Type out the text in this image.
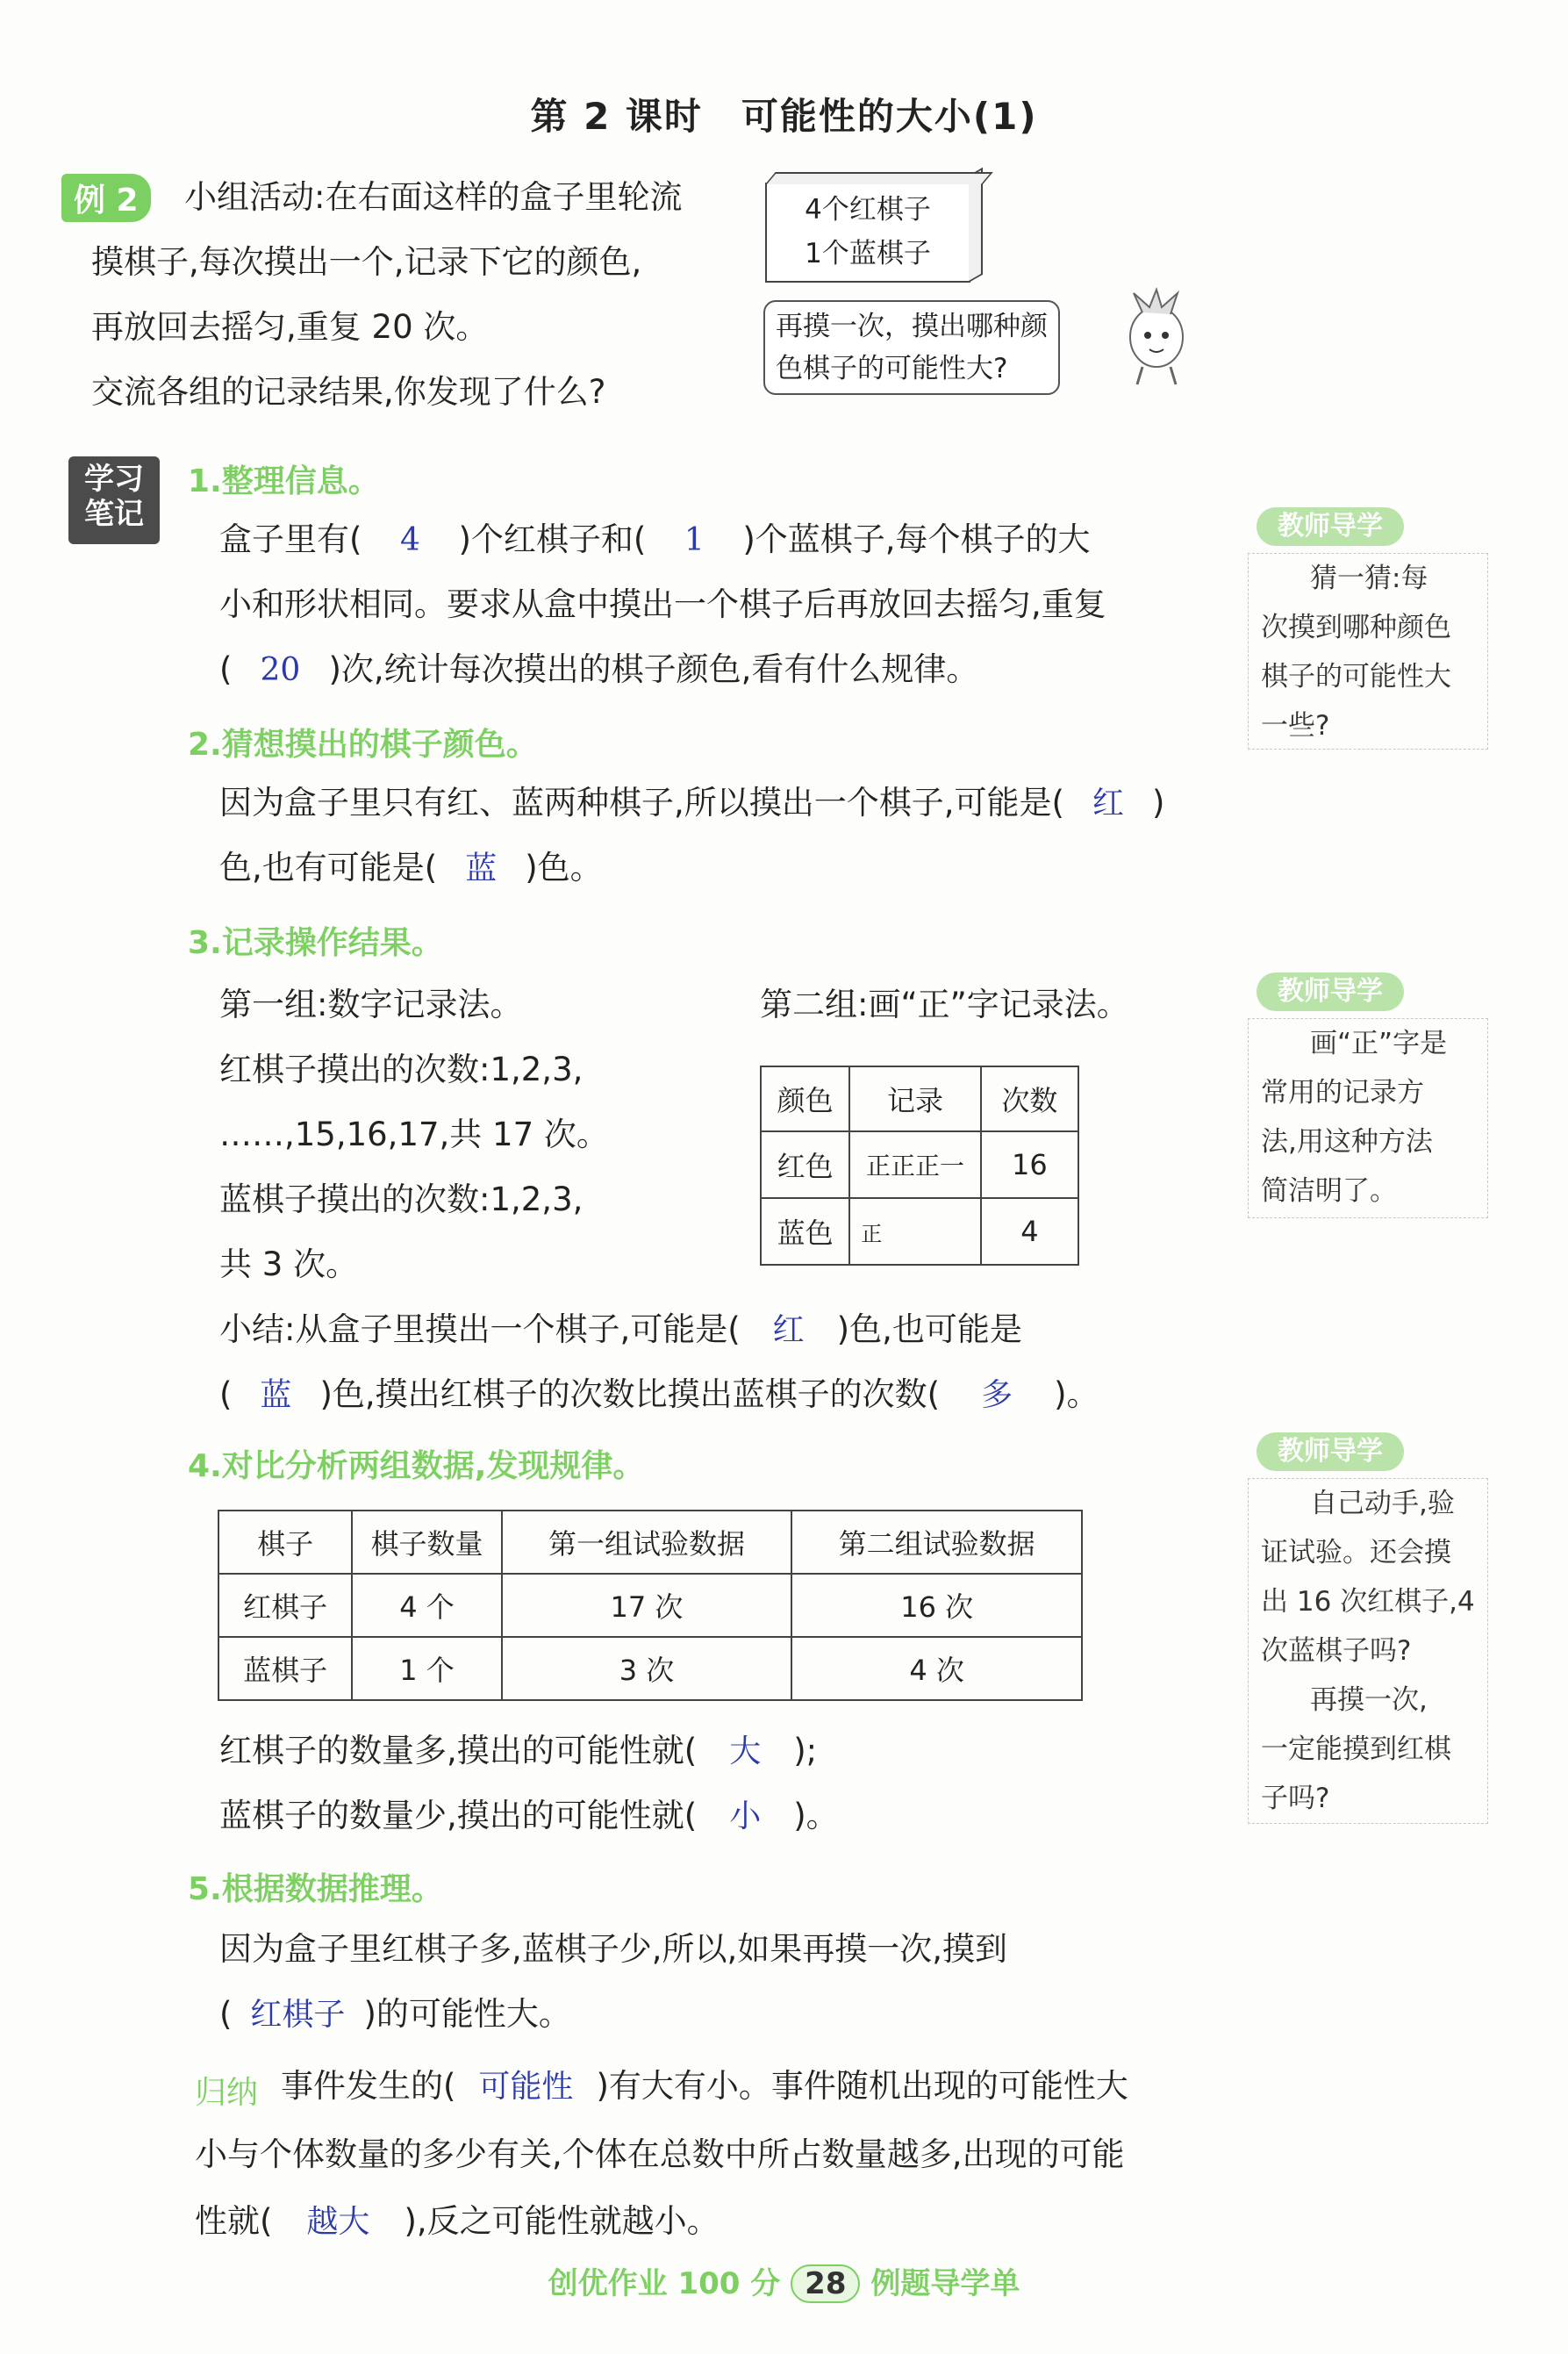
第 2 课时　可能性的大小(1)
例 2	小组活动:在右面这样的盒子里轮流
摸棋子,每次摸出一个,记录下它的颜色,
再放回去摇匀,重复 20 次。
交流各组的记录结果,你发现了什么?
4个红棋子
1个蓝棋子
再摸一次，摸出哪种颜
色棋子的可能性大?
学习
笔记
1.整理信息。
盒子里有( 4 )个红棋子和( 1 )个蓝棋子,每个棋子的大
小和形状相同。要求从盒中摸出一个棋子后再放回去摇匀,重复
( 20 )次,统计每次摸出的棋子颜色,看有什么规律。
2.猜想摸出的棋子颜色。
因为盒子里只有红、蓝两种棋子,所以摸出一个棋子,可能是( 红 )
色,也有可能是( 蓝 )色。
3.记录操作结果。
第一组:数字记录法。	第二组:画“正”字记录法。
红棋子摸出的次数:1,2,3,
……,15,16,17,共 17 次。
蓝棋子摸出的次数:1,2,3,
共 3 次。
颜色	记录	次数
红色	正正正一	16
蓝色	正	4
小结:从盒子里摸出一个棋子,可能是( 红 )色,也可能是
( 蓝 )色,摸出红棋子的次数比摸出蓝棋子的次数( 多 )。
4.对比分析两组数据,发现规律。
棋子	棋子数量	第一组试验数据	第二组试验数据
红棋子	4 个	17 次	16 次
蓝棋子	1 个	3 次	4 次
红棋子的数量多,摸出的可能性就( 大 );
蓝棋子的数量少,摸出的可能性就( 小 )。
5.根据数据推理。
因为盒子里红棋子多,蓝棋子少,所以,如果再摸一次,摸到
( 红棋子 )的可能性大。
归纳 事件发生的( 可能性 )有大有小。事件随机出现的可能性大
小与个体数量的多少有关,个体在总数中所占数量越多,出现的可能
性就( 越大 ),反之可能性就越小。
教师导学
猜一猜:每
次摸到哪种颜色
棋子的可能性大
一些?
教师导学
画“正”字是
常用的记录方
法,用这种方法
简洁明了。
教师导学
自己动手,验
证试验。还会摸
出 16 次红棋子,4
次蓝棋子吗?
再摸一次,
一定能摸到红棋
子吗?
创优作业 100 分 28 例题导学单
